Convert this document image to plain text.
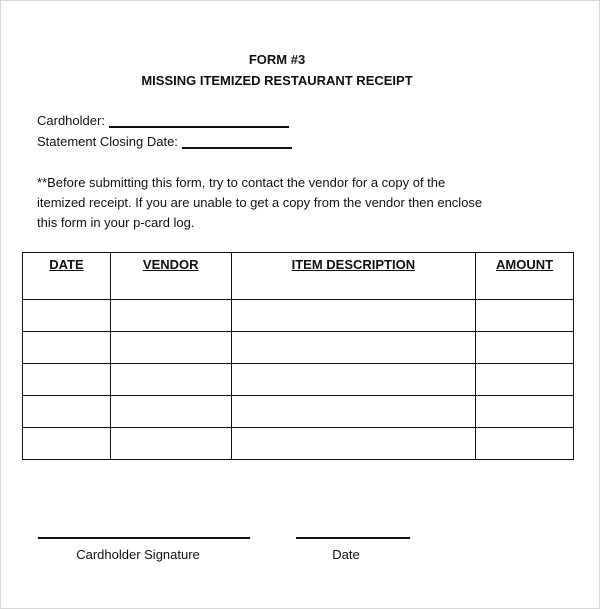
FORM #3
MISSING ITEMIZED RESTAURANT RECEIPT
Cardholder:
Statement Closing Date:
**Before submitting this form, try to contact the vendor for a copy of the
itemized receipt. If you are unable to get a copy from the vendor then enclose
this form in your p-card log.
DATE	VENDOR	ITEM DESCRIPTION	AMOUNT

Cardholder Signature	Date
